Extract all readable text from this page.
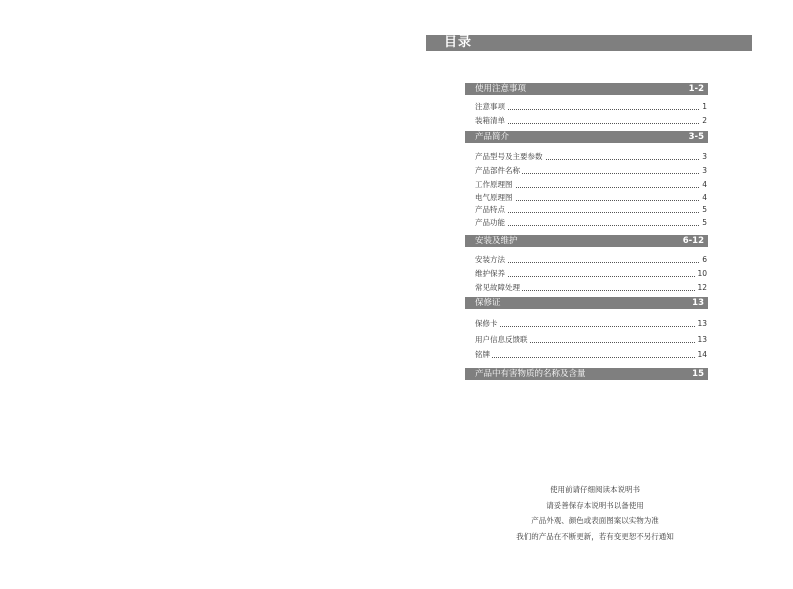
目录
使用注意事项	1-2
注意事项	1
装箱清单	2
产品简介	3-5
产品型号及主要参数	3
产品部件名称	3
工作原理图	4
电气原理图	4
产品特点	5
产品功能	5
安装及维护	6-12
安装方法	6
维护保养	10
常见故障处理	12
保修证	13
保修卡	13
用户信息反馈联	13
铭牌	14
产品中有害物质的名称及含量	15
使用前请仔细阅读本说明书
请妥善保存本说明书以备使用
产品外观、颜色或表面图案以实物为准
我们的产品在不断更新，若有变更恕不另行通知
